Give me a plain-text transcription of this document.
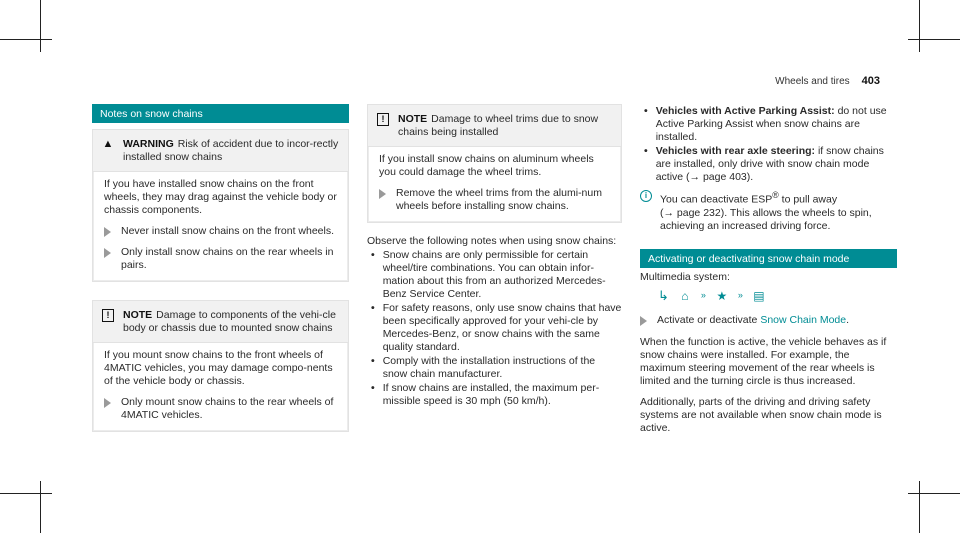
Wheels and tires 403
Notes on snow chains
▲ WARNING Risk of accident due to incor-rectly installed snow chains

If you have installed snow chains on the front wheels, they may drag against the vehicle body or chassis components.

Never install snow chains on the front wheels.
Only install snow chains on the rear wheels in pairs.
!	NOTE Damage to components of the vehi-cle body or chassis due to mounted snow chains

If you mount snow chains to the front wheels of 4MATIC vehicles, you may damage compo-nents of the vehicle body or chassis.

Only mount snow chains to the rear wheels of 4MATIC vehicles.
!	NOTE Damage to wheel trims due to snow chains being installed

If you install snow chains on aluminum wheels you could damage the wheel trims.

Remove the wheel trims from the alumi-num wheels before installing snow chains.

Observe the following notes when using snow chains:

• Snow chains are only permissible for certain wheel/tire combinations. You can obtain infor-mation about this from an authorized Mercedes-Benz Service Center.
• For safety reasons, only use snow chains that have been specifically approved for your vehi-cle by Mercedes-Benz, or snow chains with the same quality standard.
• Comply with the installation instructions of the snow chain manufacturer.
• If snow chains are installed, the maximum per-missible speed is 30 mph (50 km/h).
• Vehicles with Active Parking Assist: do not use Active Parking Assist when snow chains are installed.
• Vehicles with rear axle steering: if snow chains are installed, only drive with snow chain mode active (→ page 403).
i	You can deactivate ESP® to pull away (→ page 232). This allows the wheels to spin, achieving an increased driving force.
Activating or deactivating snow chain mode

Multimedia system:

↳	⌂	» ★	» ▤
Activate or deactivate Snow Chain Mode.

When the function is active, the vehicle behaves as if snow chains were installed. For example, the maximum steering movement of the rear wheels is limited and the turning circle is thus increased.

Additionally, parts of the driving and driving safety systems are not available when snow chain mode is active.
